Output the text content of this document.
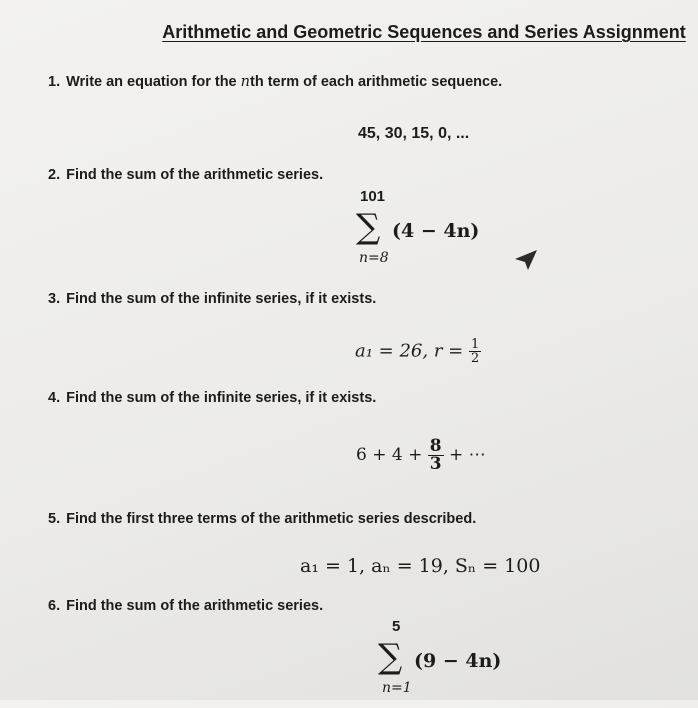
Arithmetic and Geometric Sequences and Series Assignment
1. Write an equation for the nth term of each arithmetic sequence.
45, 30, 15, 0, ...
2. Find the sum of the arithmetic series.
101
∑
n=8
(4 − 4n)
3. Find the sum of the infinite series, if it exists.
a₁ = 26, $r = \frac{1}{2}$
4. Find the sum of the infinite series, if it exists.
$6 + 4 + \frac{8}{3}$ + ⋯
5. Find the first three terms of the arithmetic series described.
a₁ = 1, aₙ = 19, Sₙ = 100
6. Find the sum of the arithmetic series.
5
∑
n=1
(9 − 4n)
